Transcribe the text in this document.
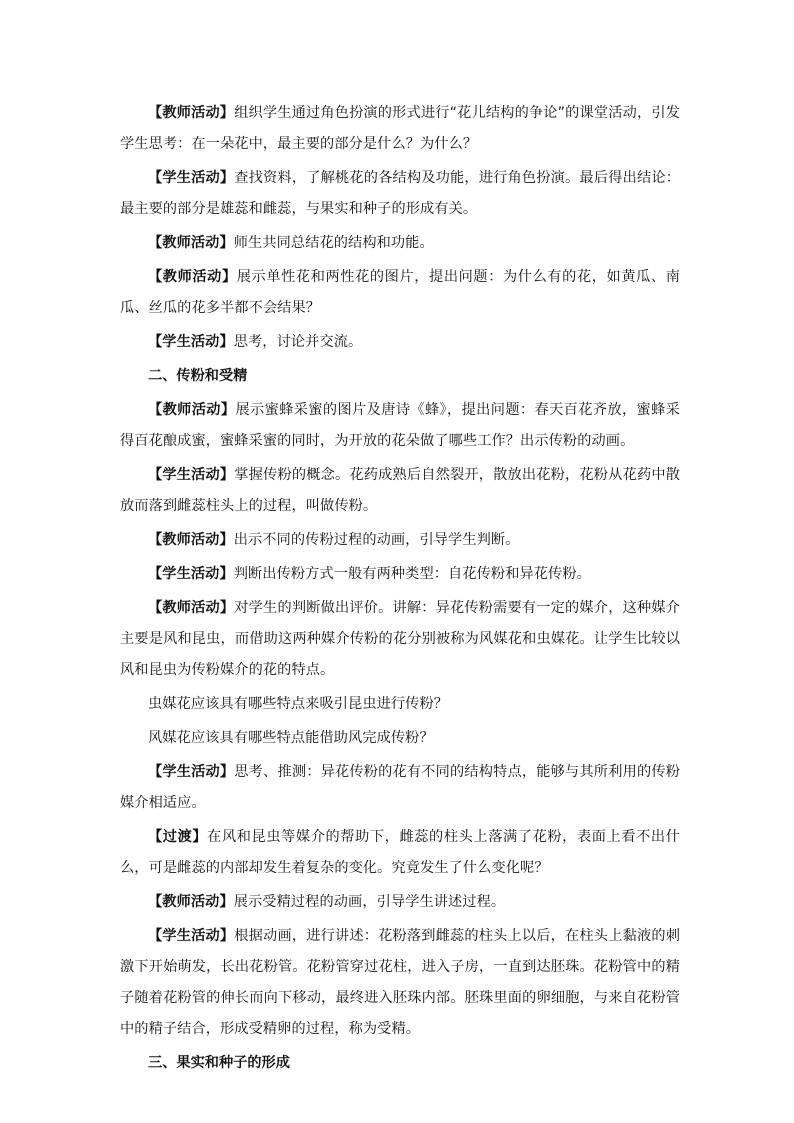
【教师活动】组织学生通过角色扮演的形式进行“花儿结构的争论”的课堂活动，引发学生思考：在一朵花中，最主要的部分是什么？为什么？

【学生活动】查找资料，了解桃花的各结构及功能，进行角色扮演。最后得出结论：最主要的部分是雄蕊和雌蕊，与果实和种子的形成有关。

【教师活动】师生共同总结花的结构和功能。

【教师活动】展示单性花和两性花的图片，提出问题：为什么有的花，如黄瓜、南瓜、丝瓜的花多半都不会结果？

【学生活动】思考，讨论并交流。

二、传粉和受精

【教师活动】展示蜜蜂采蜜的图片及唐诗《蜂》，提出问题：春天百花齐放，蜜蜂采得百花酿成蜜，蜜蜂采蜜的同时，为开放的花朵做了哪些工作？出示传粉的动画。

【学生活动】掌握传粉的概念。花药成熟后自然裂开，散放出花粉，花粉从花药中散放而落到雌蕊柱头上的过程，叫做传粉。

【教师活动】出示不同的传粉过程的动画，引导学生判断。

【学生活动】判断出传粉方式一般有两种类型：自花传粉和异花传粉。

【教师活动】对学生的判断做出评价。讲解：异花传粉需要有一定的媒介，这种媒介主要是风和昆虫，而借助这两种媒介传粉的花分别被称为风媒花和虫媒花。让学生比较以风和昆虫为传粉媒介的花的特点。

虫媒花应该具有哪些特点来吸引昆虫进行传粉？

风媒花应该具有哪些特点能借助风完成传粉？

【学生活动】思考、推测：异花传粉的花有不同的结构特点，能够与其所利用的传粉媒介相适应。

【过渡】在风和昆虫等媒介的帮助下，雌蕊的柱头上落满了花粉，表面上看不出什么，可是雌蕊的内部却发生着复杂的变化。究竟发生了什么变化呢？

【教师活动】展示受精过程的动画，引导学生讲述过程。

【学生活动】根据动画，进行讲述：花粉落到雌蕊的柱头上以后，在柱头上黏液的刺激下开始萌发，长出花粉管。花粉管穿过花柱，进入子房，一直到达胚珠。花粉管中的精子随着花粉管的伸长而向下移动，最终进入胚珠内部。胚珠里面的卵细胞，与来自花粉管中的精子结合，形成受精卵的过程，称为受精。

三、果实和种子的形成
